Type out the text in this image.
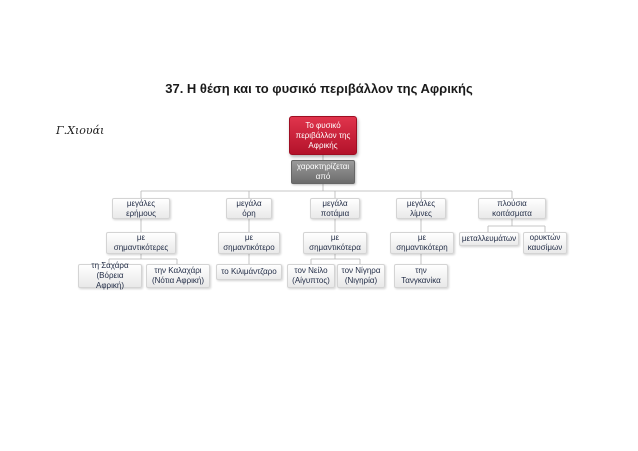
37. Η θέση και το φυσικό περιβάλλον της Αφρικής
Γ.Χιουάι	Το φυσικό περιβάλλον της Αφρικής
χαρακτηρίζεται από
μεγάλες ερήμους
με σημαντικότερες
τη Σαχάρα (Βόρεια Αφρική)
την Καλαχάρι (Νότια Αφρική)
μεγάλα όρη
με σημαντικότερο
το Κιλιμάντζαρο
μεγάλα ποτάμια
με σημαντικότερα
τον Νείλο (Αίγυπτος)
τον Νίγηρα (Νιγηρία)
μεγάλες λίμνες
με σημαντικότερη
την Τανγκανίκα
πλούσια κοιτάσματα
μεταλλευμάτων	ορυκτών καυσίμων
